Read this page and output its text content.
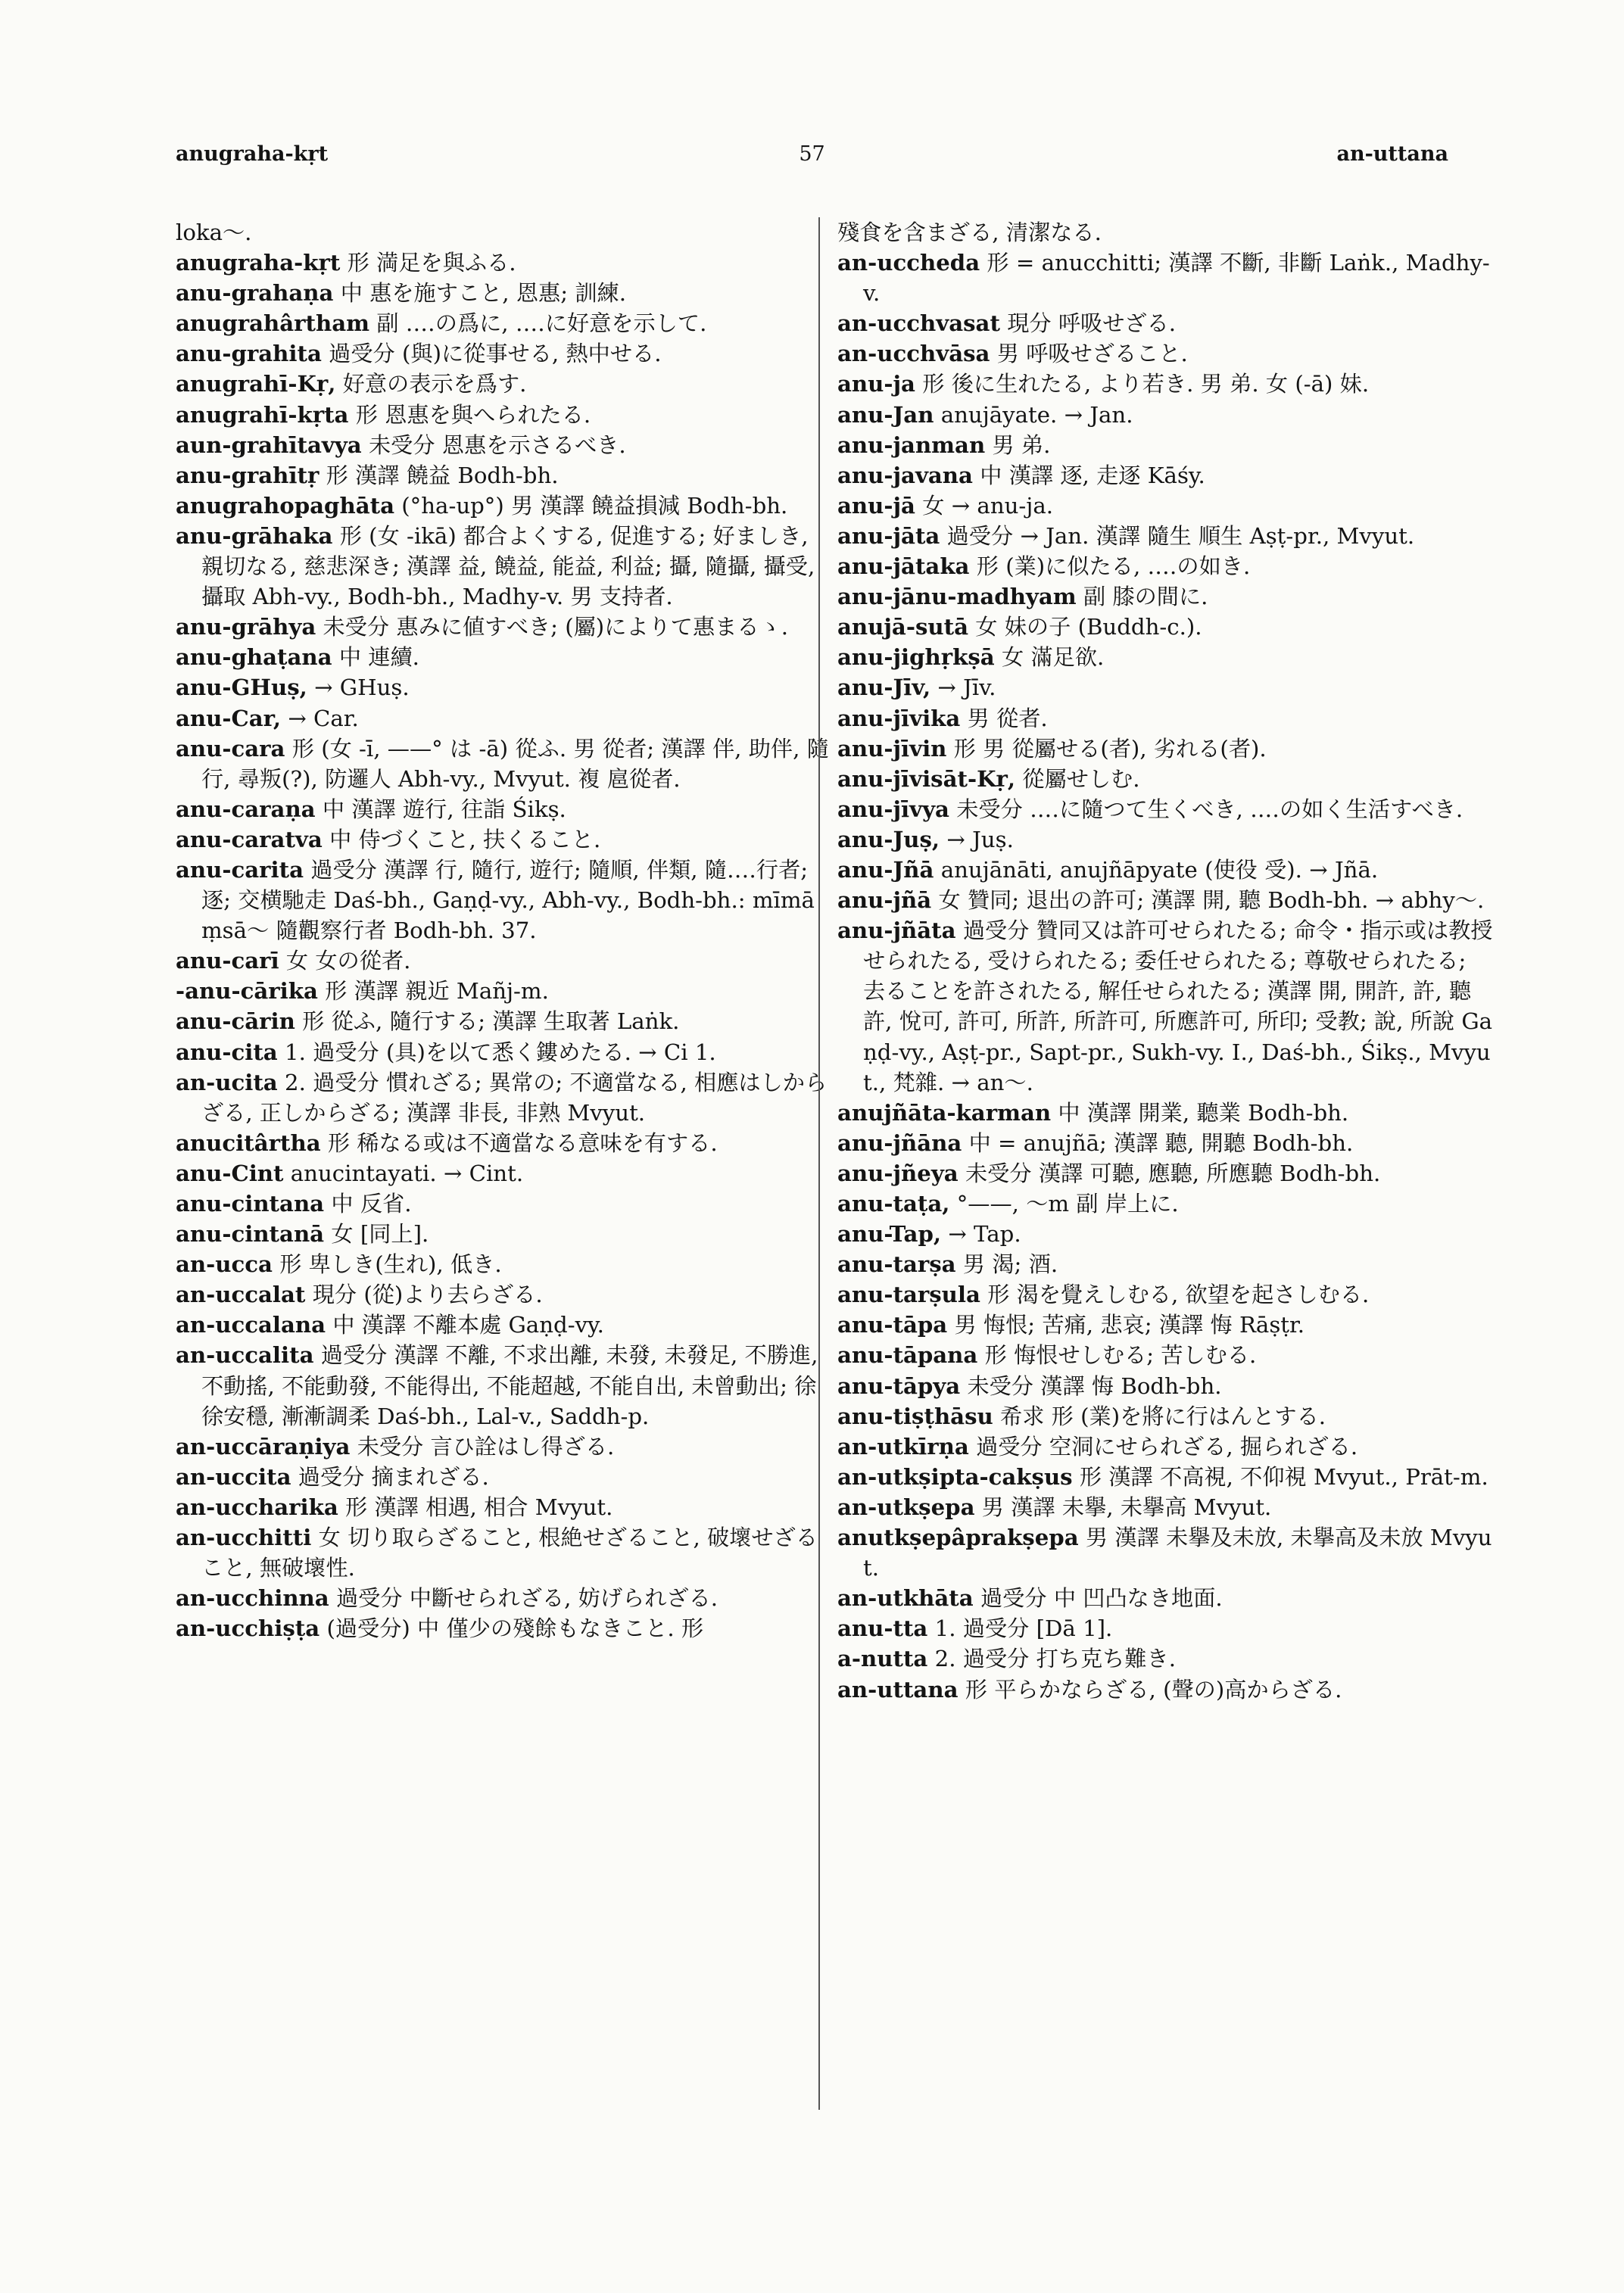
anugraha-kṛt	57	an-uttana
loka〜.
anugraha-kṛt 形 満足を與ふる.
anu-grahaṇa 中 惠を施すこと, 恩惠; 訓練.
anugrahârtham 副 ‥‥の爲に, ‥‥に好意を示して.
anu-grahita 過受分 (與)に從事せる, 熱中せる.
anugrahī-Kṛ, 好意の表示を爲す.
anugrahī-kṛta 形 恩惠を與へられたる.
aun-grahītavya 未受分 恩惠を示さるべき.
anu-grahītṛ 形 漢譯 饒益 Bodh-bh.
anugrahopaghāta (°ha-up°) 男 漢譯 饒益損減 Bodh-bh.
anu-grāhaka 形 (女 -ikā) 都合よくする, 促進する; 好ましき, 親切なる, 慈悲深き; 漢譯 益, 饒益, 能益, 利益; 攝, 隨攝, 攝受, 攝取 Abh-vy., Bodh-bh., Madhy-v. 男 支持者.
anu-grāhya 未受分 惠みに値すべき; (屬)によりて惠まるゝ.
anu-ghaṭana 中 連續.
anu-GHuṣ, → GHuṣ.
anu-Car, → Car.
anu-cara 形 (女 -ī, ——° は -ā) 從ふ. 男 從者; 漢譯 伴, 助伴, 隨行, 尋叛(?), 防邏人 Abh-vy., Mvyut. 複 扈從者.
anu-caraṇa 中 漢譯 遊行, 往詣 Śikṣ.
anu-caratva 中 侍づくこと, 扶くること.
anu-carita 過受分 漢譯 行, 隨行, 遊行; 隨順, 伴類, 隨‥‥行者; 逐; 交横馳走 Daś-bh., Gaṇḍ-vy., Abh-vy., Bodh-bh.: mīmāṃsā〜 隨觀察行者 Bodh-bh. 37.
anu-carī 女 女の從者.
-anu-cārika 形 漢譯 親近 Mañj-m.
anu-cārin 形 從ふ, 隨行する; 漢譯 生取著 Laṅk.
anu-cita 1. 過受分 (具)を以て悉く鏤めたる. → Ci 1.
an-ucita 2. 過受分 慣れざる; 異常の; 不適當なる, 相應はしからざる, 正しからざる; 漢譯 非長, 非熟 Mvyut.
anucitârtha 形 稀なる或は不適當なる意味を有する.
anu-Cint anucintayati. → Cint.
anu-cintana 中 反省.
anu-cintanā 女 [同上].
an-ucca 形 卑しき(生れ), 低き.
an-uccalat 現分 (從)より去らざる.
an-uccalana 中 漢譯 不離本處 Gaṇḍ-vy.
an-uccalita 過受分 漢譯 不離, 不求出離, 未發, 未發足, 不勝進, 不動搖, 不能動發, 不能得出, 不能超越, 不能自出, 未曾動出; 徐徐安穩, 漸漸調柔 Daś-bh., Lal-v., Saddh-p.
an-uccāraṇiya 未受分 言ひ詮はし得ざる.
an-uccita 過受分 摘まれざる.
an-uccharika 形 漢譯 相遇, 相合 Mvyut.
an-ucchitti 女 切り取らざること, 根絶せざること, 破壞せざること, 無破壞性.
an-ucchinna 過受分 中斷せられざる, 妨げられざる.
an-ucchiṣṭa (過受分) 中 僅少の殘餘もなきこと. 形
殘食を含まざる, 清潔なる.
an-uccheda 形 = anucchitti; 漢譯 不斷, 非斷 Laṅk., Madhy-v.
an-ucchvasat 現分 呼吸せざる.
an-ucchvāsa 男 呼吸せざること.
anu-ja 形 後に生れたる, より若き. 男 弟. 女 (-ā) 妹.
anu-Jan anujāyate. → Jan.
anu-janman 男 弟.
anu-javana 中 漢譯 逐, 走逐 Kāśy.
anu-jā 女 → anu-ja.
anu-jāta 過受分 → Jan. 漢譯 隨生 順生 Aṣṭ-pr., Mvyut.
anu-jātaka 形 (業)に似たる, ‥‥の如き.
anu-jānu-madhyam 副 膝の間に.
anujā-sutā 女 妹の子 (Buddh-c.).
anu-jighṛkṣā 女 滿足欲.
anu-Jīv, → Jīv.
anu-jīvika 男 從者.
anu-jīvin 形 男 從屬せる(者), 劣れる(者).
anu-jīvisāt-Kṛ, 從屬せしむ.
anu-jīvya 未受分 ‥‥に隨つて生くべき, ‥‥の如く生活すべき.
anu-Juṣ, → Juṣ.
anu-Jñā anujānāti, anujñāpyate (使役 受). → Jñā.
anu-jñā 女 贊同; 退出の許可; 漢譯 開, 聽 Bodh-bh. → abhy〜.
anu-jñāta 過受分 贊同又は許可せられたる; 命令・指示或は教授せられたる, 受けられたる; 委任せられたる; 尊敬せられたる; 去ることを許されたる, 解任せられたる; 漢譯 開, 開許, 許, 聽許, 悅可, 許可, 所許, 所許可, 所應許可, 所印; 受教; 說, 所說 Gaṇḍ-vy., Aṣṭ-pr., Sapt-pr., Sukh-vy. I., Daś-bh., Śikṣ., Mvyut., 梵雜. → an〜.
anujñāta-karman 中 漢譯 開業, 聽業 Bodh-bh.
anu-jñāna 中 = anujñā; 漢譯 聽, 開聽 Bodh-bh.
anu-jñeya 未受分 漢譯 可聽, 應聽, 所應聽 Bodh-bh.
anu-taṭa, °——, 〜m 副 岸上に.
anu-Tap, → Tap.
anu-tarṣa 男 渴; 酒.
anu-tarṣula 形 渴を覺えしむる, 欲望を起さしむる.
anu-tāpa 男 悔恨; 苦痛, 悲哀; 漢譯 悔 Rāṣṭr.
anu-tāpana 形 悔恨せしむる; 苦しむる.
anu-tāpya 未受分 漢譯 悔 Bodh-bh.
anu-tiṣṭhāsu 希求 形 (業)を將に行はんとする.
an-utkīrṇa 過受分 空洞にせられざる, 掘られざる.
an-utkṣipta-cakṣus 形 漢譯 不高視, 不仰視 Mvyut., Prāt-m.
an-utkṣepa 男 漢譯 未擧, 未擧高 Mvyut.
anutkṣepâprakṣepa 男 漢譯 未擧及未放, 未擧高及未放 Mvyut.
an-utkhāta 過受分 中 凹凸なき地面.
anu-tta 1. 過受分 [Dā 1].
a-nutta 2. 過受分 打ち克ち難き.
an-uttana 形 平らかならざる, (聲の)高からざる.
